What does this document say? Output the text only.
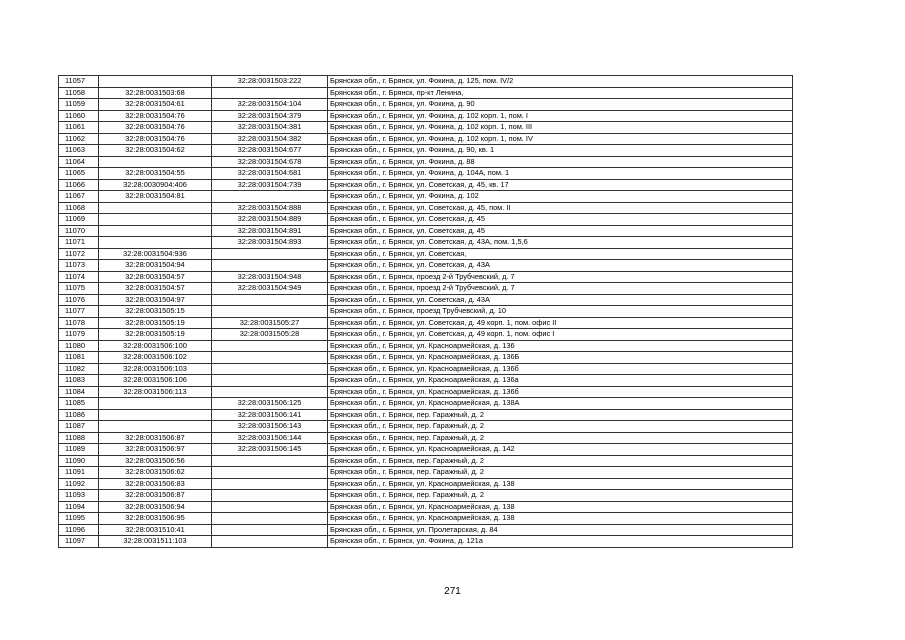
11057		32:28:0031503:222	Брянская обл., г. Брянск, ул. Фокина, д. 125, пом. IV/2
11058	32:28:0031503:68		Брянская обл., г. Брянск, пр-кт Ленина,
11059	32:28:0031504:61	32:28:0031504:104	Брянская обл., г. Брянск, ул. Фокина, д. 90
11060	32:28:0031504:76	32:28:0031504:379	Брянская обл., г. Брянск, ул. Фокина, д. 102 корп. 1, пом. I
11061	32:28:0031504:76	32:28:0031504:381	Брянская обл., г. Брянск, ул. Фокина, д. 102 корп. 1, пом. III
11062	32:28:0031504:76	32:28:0031504:382	Брянская обл., г. Брянск, ул. Фокина, д. 102 корп. 1, пом. IV
11063	32:28:0031504:62	32:28:0031504:677	Брянская обл., г. Брянск, ул. Фокина, д. 90, кв. 1
11064		32:28:0031504:678	Брянская обл., г. Брянск, ул. Фокина, д. 88
11065	32:28:0031504:55	32:28:0031504:681	Брянская обл., г. Брянск, ул. Фокина, д. 104А, пом. 1
11066	32:28:0030904:406	32:28:0031504:739	Брянская обл., г. Брянск, ул. Советская, д. 45, кв. 17
11067	32:28:0031504:81		Брянская обл., г. Брянск, ул. Фокина, д. 102
11068		32:28:0031504:888	Брянская обл., г. Брянск, ул. Советская, д. 45, пом. II
11069		32:28:0031504:889	Брянская обл., г. Брянск, ул. Советская, д. 45
11070		32:28:0031504:891	Брянская обл., г. Брянск, ул. Советская, д. 45
11071		32:28:0031504:893	Брянская обл., г. Брянск, ул. Советская, д. 43А, пом. 1,5,6
11072	32:28:0031504:936		Брянская обл., г. Брянск, ул. Советская,
11073	32:28:0031504:94		Брянская обл., г. Брянск, ул. Советская, д. 43А
11074	32:28:0031504:57	32:28:0031504:948	Брянская обл., г. Брянск, проезд 2-й Трубчевский, д. 7
11075	32:28:0031504:57	32:28:0031504:949	Брянская обл., г. Брянск, проезд 2-й Трубчевский, д. 7
11076	32:28:0031504:97		Брянская обл., г. Брянск, ул. Советская, д. 43А
11077	32:28:0031505:15		Брянская обл., г. Брянск, проезд Трубчевский, д. 10
11078	32:28:0031505:19	32:28:0031505:27	Брянская обл., г. Брянск, ул. Советская, д. 49 корп. 1, пом. офис II
11079	32:28:0031505:19	32:28:0031505:28	Брянская обл., г. Брянск, ул. Советская, д. 49 корп. 1, пом. офис I
11080	32:28:0031506:100		Брянская обл., г. Брянск, ул. Красноармейская, д. 136
11081	32:28:0031506:102		Брянская обл., г. Брянск, ул. Красноармейская, д. 136Б
11082	32:28:0031506:103		Брянская обл., г. Брянск, ул. Красноармейская, д. 136б
11083	32:28:0031506:106		Брянская обл., г. Брянск, ул. Красноармейская, д. 136а
11084	32:28:0031506:113		Брянская обл., г. Брянск, ул. Красноармейская, д. 136б
11085		32:28:0031506:125	Брянская обл., г. Брянск, ул. Красноармейская, д. 138А
11086		32:28:0031506:141	Брянская обл., г. Брянск, пер. Гаражный, д. 2
11087		32:28:0031506:143	Брянская обл., г. Брянск, пер. Гаражный, д. 2
11088	32:28:0031506:87	32:28:0031506:144	Брянская обл., г. Брянск, пер. Гаражный, д. 2
11089	32:28:0031506:97	32:28:0031506:145	Брянская обл., г. Брянск, ул. Красноармейская, д. 142
11090	32:28:0031506:56		Брянская обл., г. Брянск, пер. Гаражный, д. 2
11091	32:28:0031506:62		Брянская обл., г. Брянск, пер. Гаражный, д. 2
11092	32:28:0031506:83		Брянская обл., г. Брянск, ул. Красноармейская, д. 138
11093	32:28:0031506:87		Брянская обл., г. Брянск, пер. Гаражный, д. 2
11094	32:28:0031506:94		Брянская обл., г. Брянск, ул. Красноармейская, д. 138
11095	32:28:0031506:95		Брянская обл., г. Брянск, ул. Красноармейская, д. 138
11096	32:28:0031510:41		Брянская обл., г. Брянск, ул. Пролетарская, д. 84
11097	32:28:0031511:103		Брянская обл., г. Брянск, ул. Фокина, д. 121а
271
